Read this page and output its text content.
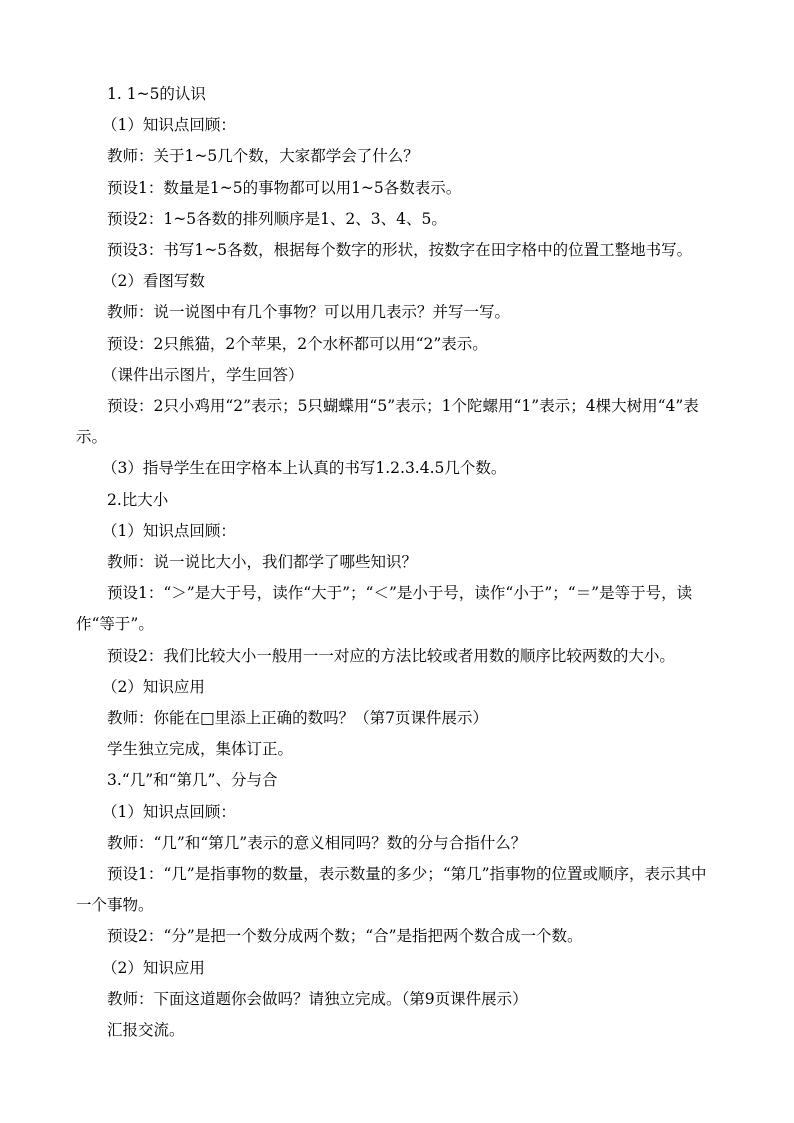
1. 1~5的认识

（1）知识点回顾：

教师：关于1~5几个数，大家都学会了什么？

预设1：数量是1~5的事物都可以用1~5各数表示。

预设2：1~5各数的排列顺序是1、2、3、4、5。

预设3：书写1~5各数，根据每个数字的形状，按数字在田字格中的位置工整地书写。

（2）看图写数

教师：说一说图中有几个事物？可以用几表示？并写一写。

预设：2只熊猫，2个苹果，2个水杯都可以用“2”表示。

（课件出示图片，学生回答）

预设：2只小鸡用“2”表示；5只蝴蝶用“5”表示；1个陀螺用“1”表示；4棵大树用“4”表示。

（3）指导学生在田字格本上认真的书写1.2.3.4.5几个数。

2.比大小

（1）知识点回顾：

教师：说一说比大小，我们都学了哪些知识？

预设1：“＞”是大于号，读作“大于”；“＜”是小于号，读作“小于”；“＝”是等于号，读作“等于”。

预设2：我们比较大小一般用一一对应的方法比较或者用数的顺序比较两数的大小。

（2）知识应用

教师：你能在□里添上正确的数吗？（第7页课件展示）

学生独立完成，集体订正。

3.“几”和“第几”、分与合

（1）知识点回顾：

教师：“几”和“第几”表示的意义相同吗？数的分与合指什么？

预设1：“几”是指事物的数量，表示数量的多少；“第几”指事物的位置或顺序，表示其中一个事物。

预设2：“分”是把一个数分成两个数；“合”是指把两个数合成一个数。

（2）知识应用

教师：下面这道题你会做吗？请独立完成。（第9页课件展示）

汇报交流。
